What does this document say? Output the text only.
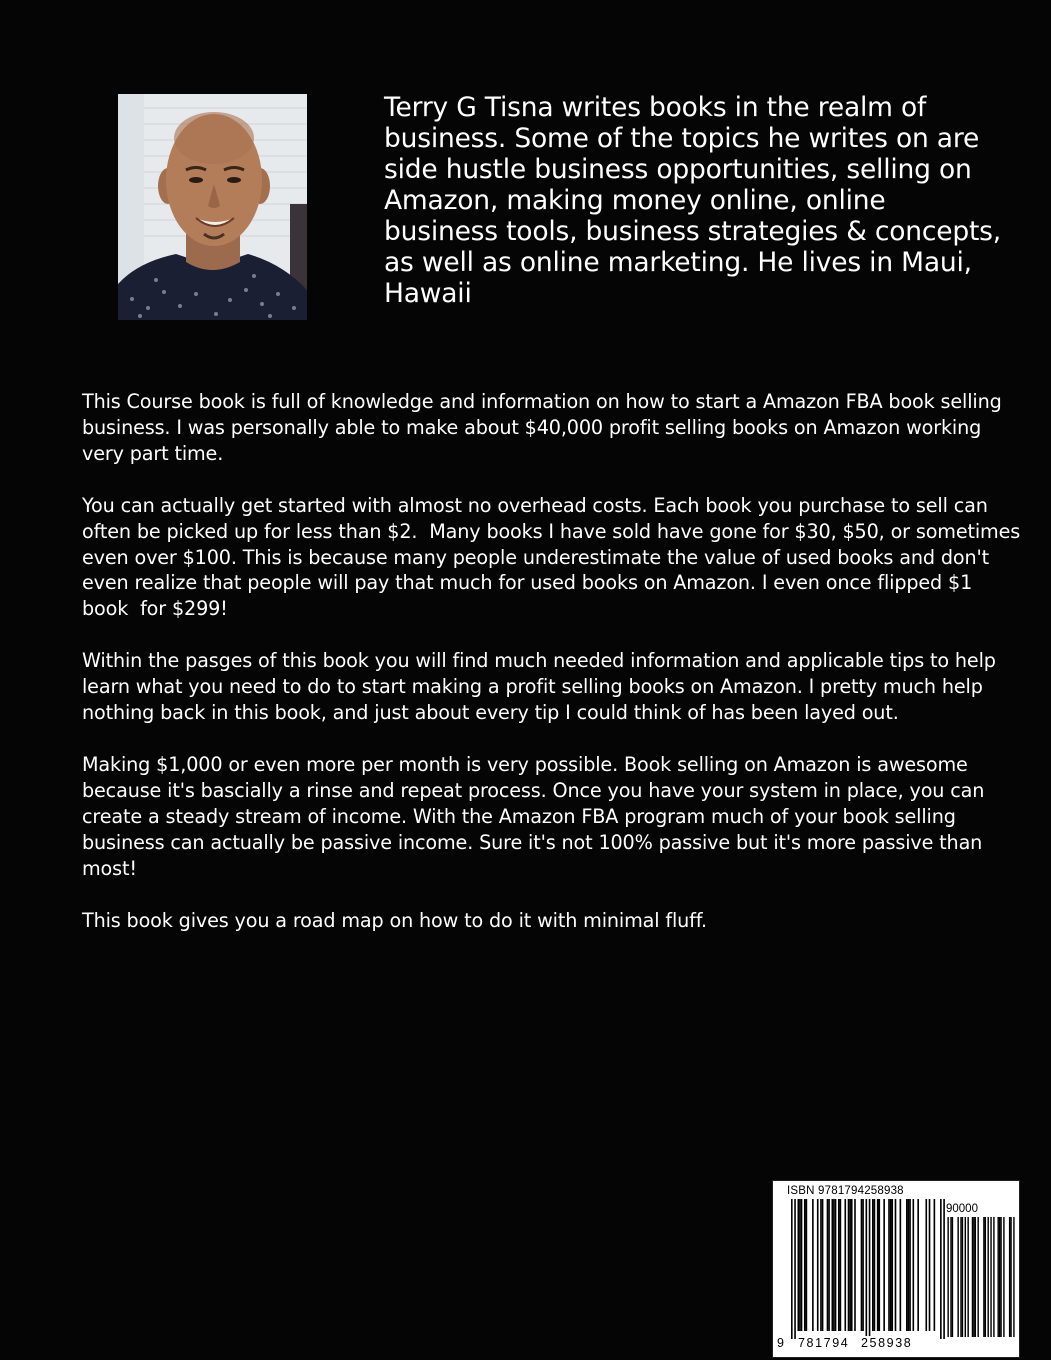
Terry G Tisna writes books in the realm of business. Some of the topics he writes on are side hustle business opportunities, selling on Amazon, making money online, online business tools, business strategies & concepts, as well as online marketing. He lives in Maui, Hawaii

This Course book is full of knowledge and information on how to start a Amazon FBA book selling business. I was personally able to make about $40,000 profit selling books on Amazon working very part time.

You can actually get started with almost no overhead costs. Each book you purchase to sell can often be picked up for less than $2.  Many books I have sold have gone for $30, $50, or sometimes even over $100. This is because many people underestimate the value of used books and don't even realize that people will pay that much for used books on Amazon. I even once flipped $1 book  for $299!

Within the pasges of this book you will find much needed information and applicable tips to help learn what you need to do to start making a profit selling books on Amazon. I pretty much help nothing back in this book, and just about every tip I could think of has been layed out.

Making $1,000 or even more per month is very possible. Book selling on Amazon is awesome because it's bascially a rinse and repeat process. Once you have your system in place, you can create a steady stream of income. With the Amazon FBA program much of your book selling business can actually be passive income. Sure it's not 100% passive but it's more passive than most!

This book gives you a road map on how to do it with minimal fluff.

ISBN 9781794258938
90000
9 781794 258938
